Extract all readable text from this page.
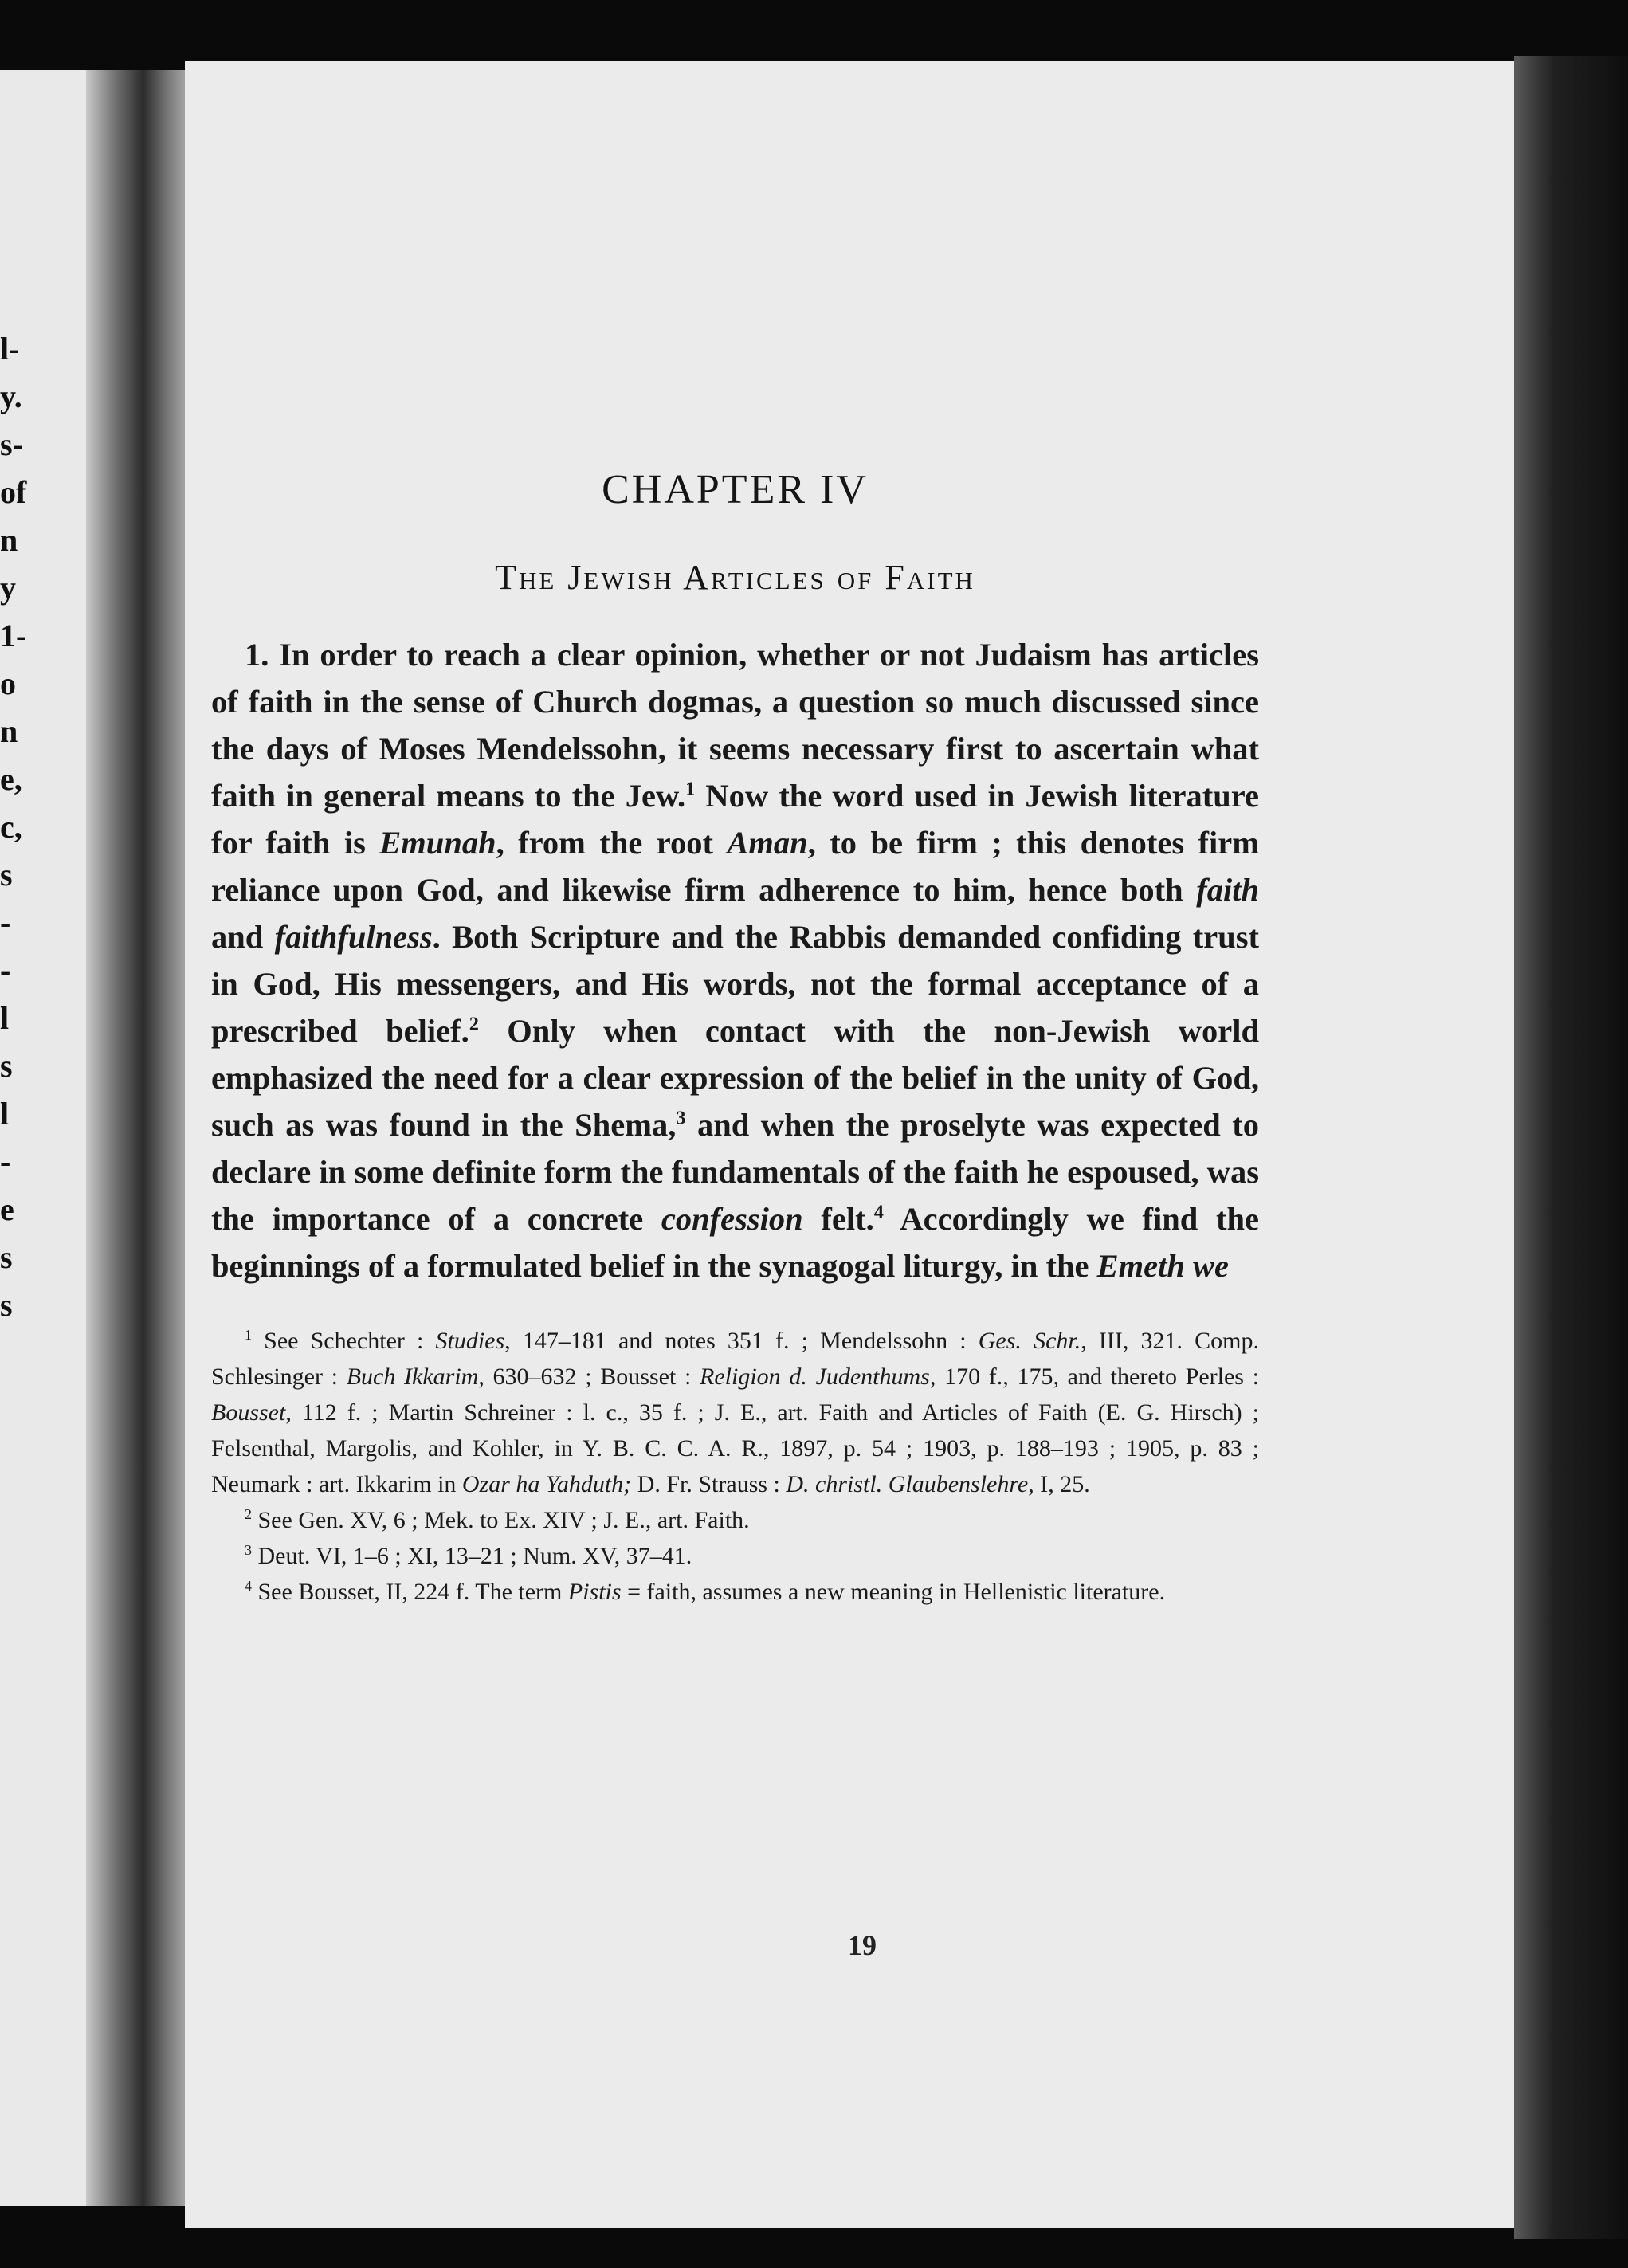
l-
y.
s-
of
n
y
1-
o
n
e,
c,
s
-
-
l
s
l
-
e
s
s
CHAPTER IV
The Jewish Articles of Faith

1. In order to reach a clear opinion, whether or not Judaism has articles of faith in the sense of Church dogmas, a question so much discussed since the days of Moses Mendelssohn, it seems necessary first to ascertain what faith in general means to the Jew.$^1$ Now the word used in Jewish literature for faith is Emunah, from the root Aman, to be firm ; this denotes firm reliance upon God, and likewise firm adherence to him, hence both faith and faithfulness. Both Scripture and the Rabbis demanded confiding trust in God, His messengers, and His words, not the formal acceptance of a prescribed belief.$^2$ Only when contact with the non-Jewish world emphasized the need for a clear expression of the belief in the unity of God, such as was found in the Shema,$^3$ and when the proselyte was expected to declare in some definite form the fundamentals of the faith he espoused, was the importance of a concrete confession felt.$^4$ Accordingly we find the beginnings of a formulated belief in the synagogal liturgy, in the Emeth we

$^1$ See Schechter : Studies, 147–181 and notes 351 f. ; Mendelssohn : Ges. Schr., III, 321. Comp. Schlesinger : Buch Ikkarim, 630–632 ; Bousset : Religion d. Judenthums, 170 f., 175, and thereto Perles : Bousset, 112 f. ; Martin Schreiner : l. c., 35 f. ; J. E., art. Faith and Articles of Faith (E. G. Hirsch) ; Felsenthal, Margolis, and Kohler, in Y. B. C. C. A. R., 1897, p. 54 ; 1903, p. 188–193 ; 1905, p. 83 ; Neumark : art. Ikkarim in Ozar ha Yahduth; D. Fr. Strauss : D. christl. Glaubenslehre, I, 25.

$^2$ See Gen. XV, 6 ; Mek. to Ex. XIV ; J. E., art. Faith.

$^3$ Deut. VI, 1–6 ; XI, 13–21 ; Num. XV, 37–41.

$^4$ See Bousset, II, 224 f. The term Pistis = faith, assumes a new meaning in Hellenistic literature.

19
